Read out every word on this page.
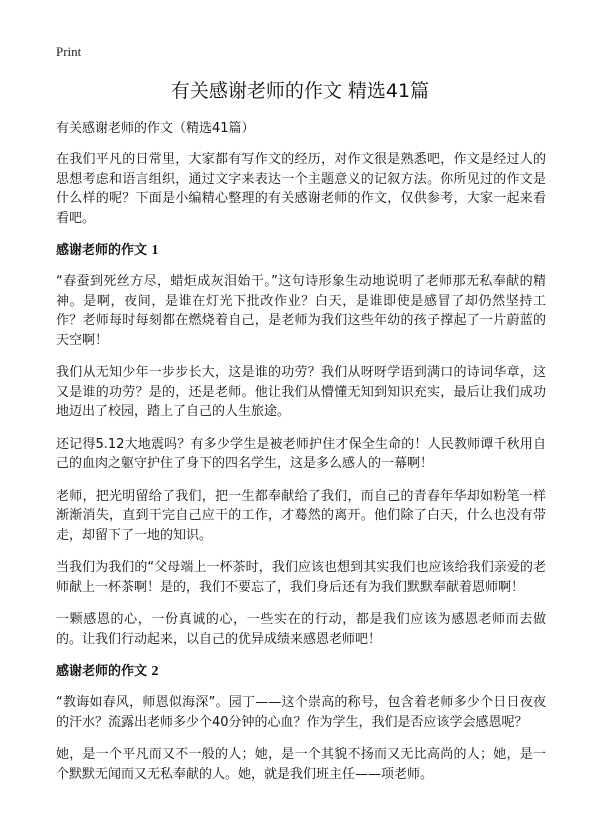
Print
有关感谢老师的作文 精选41篇

有关感谢老师的作文（精选41篇）

在我们平凡的日常里，大家都有写作文的经历，对作文很是熟悉吧，作文是经过人的思想考虑和语言组织，通过文字来表达一个主题意义的记叙方法。你所见过的作文是什么样的呢？下面是小编精心整理的有关感谢老师的作文，仅供参考，大家一起来看看吧。

感谢老师的作文 1

“春蚕到死丝方尽，蜡炬成灰泪始干。”这句诗形象生动地说明了老师那无私奉献的精神。是啊，夜间，是谁在灯光下批改作业？白天，是谁即使是感冒了却仍然坚持工作？老师每时每刻都在燃烧着自己，是老师为我们这些年幼的孩子撑起了一片蔚蓝的天空啊！

我们从无知少年一步步长大，这是谁的功劳？我们从呀呀学语到满口的诗词华章，这又是谁的功劳？是的，还是老师。他让我们从懵懂无知到知识充实，最后让我们成功地迈出了校园，踏上了自己的人生旅途。

还记得5.12大地震吗？有多少学生是被老师护住才保全生命的！人民教师谭千秋用自己的血肉之躯守护住了身下的四名学生，这是多么感人的一幕啊！

老师，把光明留给了我们，把一生都奉献给了我们，而自己的青春年华却如粉笔一样渐渐消失，直到干完自己应干的工作，才蓦然的离开。他们除了白天，什么也没有带走，却留下了一地的知识。

当我们为我们的“父母端上一杯茶时，我们应该也想到其实我们也应该给我们亲爱的老师献上一杯茶啊！是的，我们不要忘了，我们身后还有为我们默默奉献着恩师啊！

一颗感恩的心，一份真诚的心，一些实在的行动，都是我们应该为感恩老师而去做的。让我们行动起来，以自己的优异成绩来感恩老师吧！

感谢老师的作文 2

“教诲如春风，师恩似海深”。园丁——这个崇高的称号，包含着老师多少个日日夜夜的汗水？流露出老师多少个40分钟的心血？作为学生，我们是否应该学会感恩呢？

她，是一个平凡而又不一般的人；她，是一个其貌不扬而又无比高尚的人；她，是一个默默无闻而又无私奉献的人。她，就是我们班主任——项老师。
